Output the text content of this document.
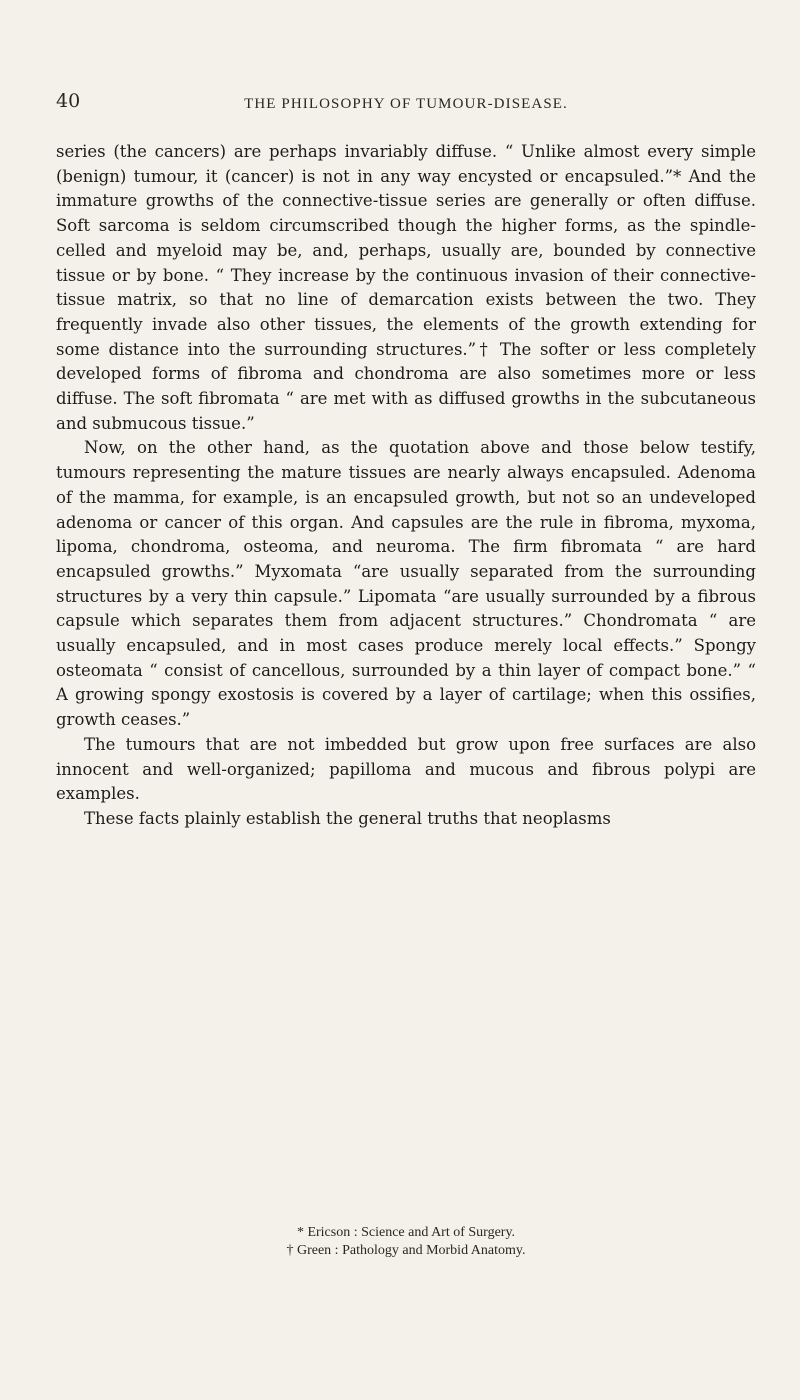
40	THE PHILOSOPHY OF TUMOUR-DISEASE.

series (the cancers) are perhaps invariably diffuse. “ Unlike almost every simple (benign) tumour, it (cancer) is not in any way encysted or encapsuled.”* And the immature growths of the connective-tissue series are generally or often diffuse. Soft sarcoma is seldom circumscribed though the higher forms, as the spindle-celled and myeloid may be, and, perhaps, usually are, bounded by connective tissue or by bone. “ They increase by the continuous invasion of their connective-tissue matrix, so that no line of demarcation exists between the two. They frequently invade also other tissues, the elements of the growth extending for some distance into the surrounding structures.”† The softer or less completely developed forms of fibroma and chondroma are also sometimes more or less diffuse. The soft fibromata “ are met with as diffused growths in the subcutaneous and submucous tissue.”

Now, on the other hand, as the quotation above and those below testify, tumours representing the mature tissues are nearly always encapsuled. Adenoma of the mamma, for example, is an encapsuled growth, but not so an undeveloped adenoma or cancer of this organ. And capsules are the rule in fibroma, myxoma, lipoma, chondroma, osteoma, and neuroma. The firm fibromata “ are hard encapsuled growths.” Myxomata “are usually separated from the surrounding structures by a very thin capsule.” Lipomata “are usually surrounded by a fibrous capsule which separates them from adjacent structures.” Chondromata “ are usually encapsuled, and in most cases produce merely local effects.” Spongy osteomata “ consist of cancellous, surrounded by a thin layer of compact bone.” “ A growing spongy exostosis is covered by a layer of cartilage; when this ossifies, growth ceases.”

The tumours that are not imbedded but grow upon free surfaces are also innocent and well-organized; papilloma and mucous and fibrous polypi are examples.

These facts plainly establish the general truths that neoplasms

* Ericson : Science and Art of Surgery.
† Green : Pathology and Morbid Anatomy.
